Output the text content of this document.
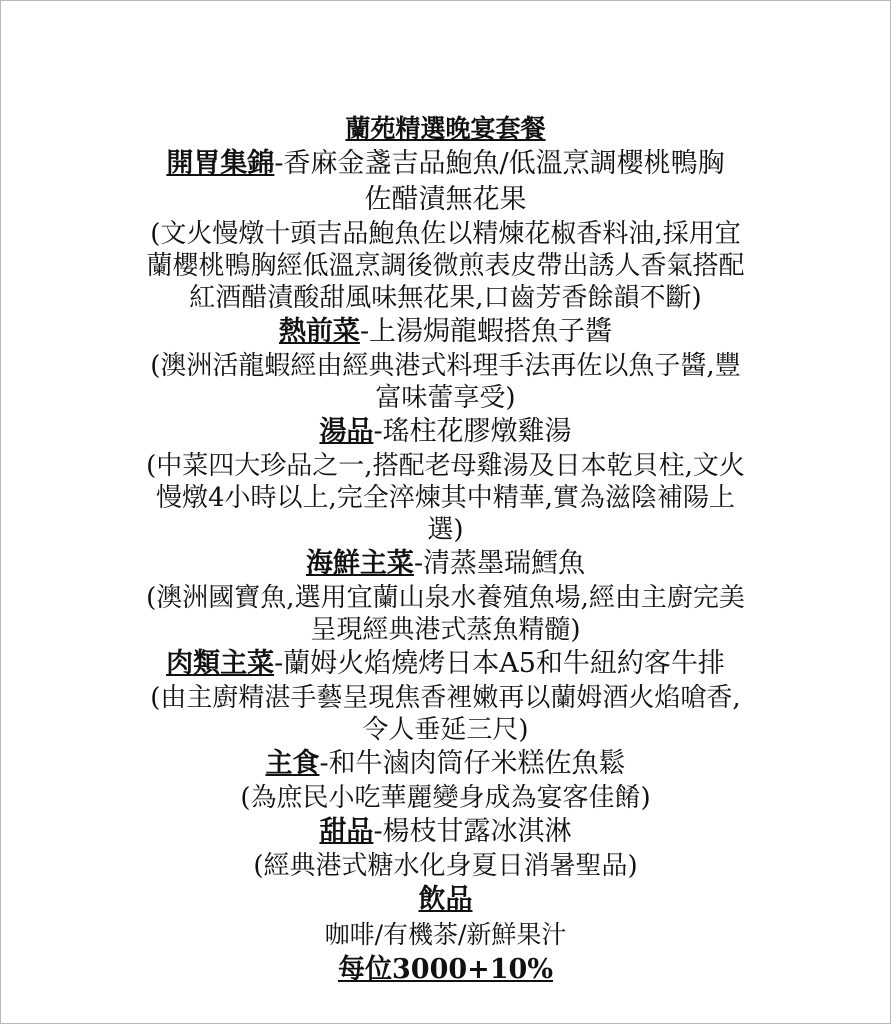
蘭苑精選晚宴套餐

開胃集錦-香麻金盞吉品鮑魚/低溫烹調櫻桃鴨胸

佐醋漬無花果

(文火慢燉十頭吉品鮑魚佐以精煉花椒香料油,採用宜

蘭櫻桃鴨胸經低溫烹調後微煎表皮帶出誘人香氣搭配

紅酒醋漬酸甜風味無花果,口齒芳香餘韻不斷)

熱前菜-上湯焗龍蝦搭魚子醬

(澳洲活龍蝦經由經典港式料理手法再佐以魚子醬,豐

富味蕾享受)

湯品-瑤柱花膠燉雞湯

(中菜四大珍品之一,搭配老母雞湯及日本乾貝柱,文火

慢燉4小時以上,完全淬煉其中精華,實為滋陰補陽上

選)

海鮮主菜-清蒸墨瑞鱈魚

(澳洲國寶魚,選用宜蘭山泉水養殖魚場,經由主廚完美

呈現經典港式蒸魚精髓)

肉類主菜-蘭姆火焰燒烤日本A5和牛紐約客牛排

(由主廚精湛手藝呈現焦香裡嫩再以蘭姆酒火焰嗆香,

令人垂延三尺)

主食-和牛滷肉筒仔米糕佐魚鬆

(為庶民小吃華麗變身成為宴客佳餚)

甜品-楊枝甘露冰淇淋

(經典港式糖水化身夏日消暑聖品)

飲品

咖啡/有機茶/新鮮果汁

每位3000+10%
